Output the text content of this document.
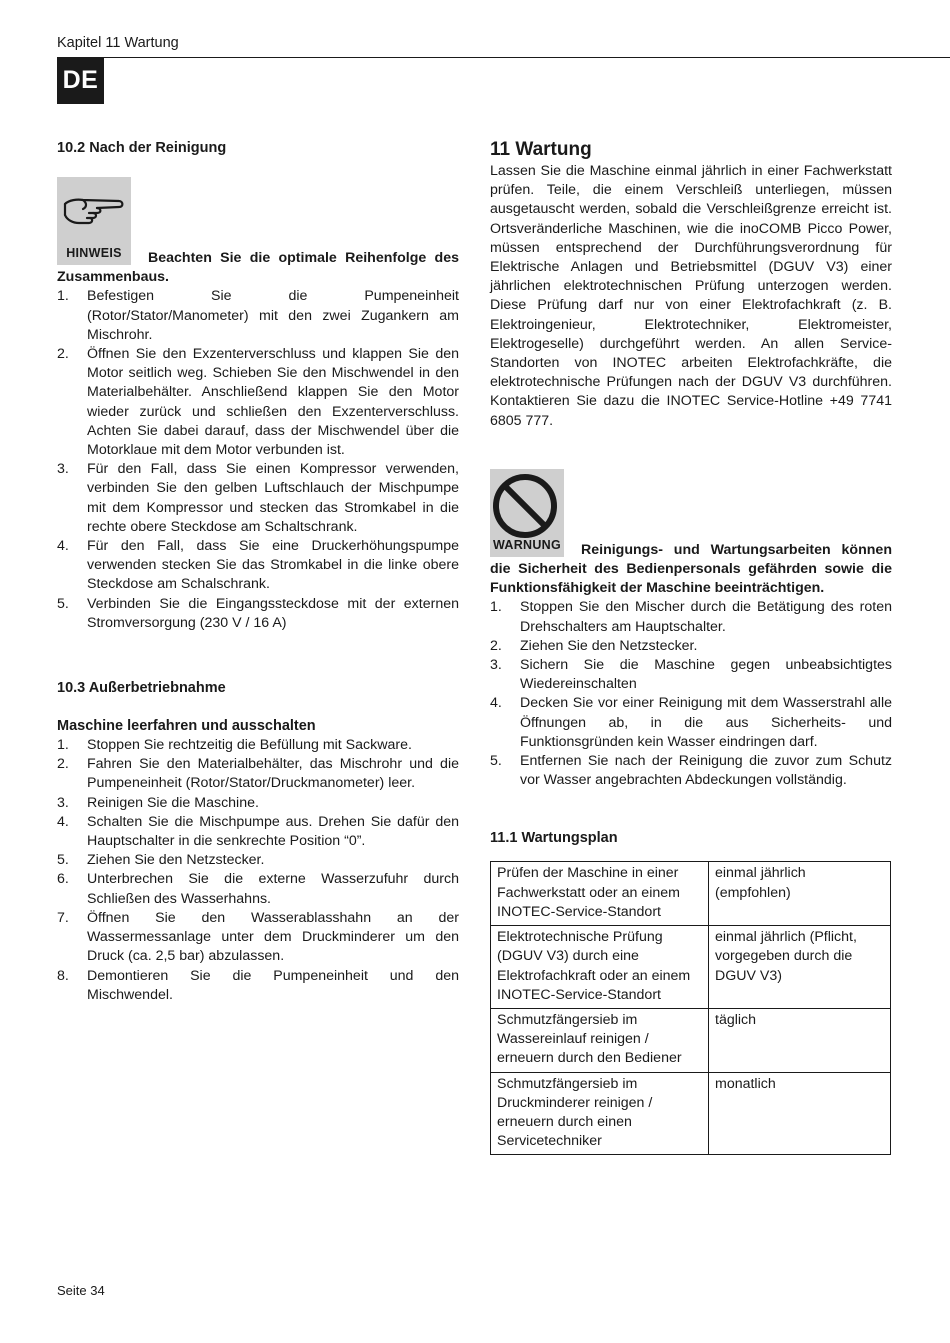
Kapitel 11 Wartung
DE
10.2 Nach der Reinigung
HINWEIS	Beachten Sie die optimale Reihenfolge des Zusammenbaus.

1. Befestigen Sie die Pumpeneinheit (Rotor/Stator/Manometer) mit den zwei Zugankern am Mischrohr.
2. Öffnen Sie den Exzenterverschluss und klappen Sie den Motor seitlich weg. Schieben Sie den Mischwendel in den Materialbehälter. Anschließend klappen Sie den Motor wieder zurück und schließen den Exzenterverschluss. Achten Sie dabei darauf, dass der Mischwendel über die Motorklaue mit dem Motor verbunden ist.
3. Für den Fall, dass Sie einen Kompressor verwenden, verbinden Sie den gelben Luftschlauch der Mischpumpe mit dem Kompressor und stecken das Stromkabel in die rechte obere Steckdose am Schaltschrank.
4. Für den Fall, dass Sie eine Druckerhöhungspumpe verwenden stecken Sie das Stromkabel in die linke obere Steckdose am Schalschrank.
5. Verbinden Sie die Eingangssteckdose mit der externen Stromversorgung (230 V / 16 A)
10.3 Außerbetriebnahme
Maschine leerfahren und ausschalten
1. Stoppen Sie rechtzeitig die Befüllung mit Sackware.
2. Fahren Sie den Materialbehälter, das Mischrohr und die Pumpeneinheit (Rotor/Stator/Druckmanometer) leer.
3. Reinigen Sie die Maschine.
4. Schalten Sie die Mischpumpe aus. Drehen Sie dafür den Hauptschalter in die senkrechte Position “0”.
5. Ziehen Sie den Netzstecker.
6. Unterbrechen Sie die externe Wasserzufuhr durch Schließen des Wasserhahns.
7. Öffnen Sie den Wasserablasshahn an der Wassermessanlage unter dem Druckminderer um den Druck (ca. 2,5 bar) abzulassen.
8. Demontieren Sie die Pumpeneinheit und den Mischwendel.
11 Wartung

Lassen Sie die Maschine einmal jährlich in einer Fachwerkstatt prüfen. Teile, die einem Verschleiß unterliegen, müssen ausgetauscht werden, sobald die Verschleißgrenze erreicht ist. Ortsveränderliche Maschinen, wie die inoCOMB Picco Power, müssen entsprechend der Durchführungsverordnung für Elektrische Anlagen und Betriebsmittel (DGUV V3) einer jährlichen elektrotechnischen Prüfung unterzogen werden. Diese Prüfung darf nur von einer Elektrofachkraft (z. B. Elektroingenieur, Elektrotechniker, Elektromeister, Elektrogeselle) durchgeführt werden. An allen Service-Standorten von INOTEC arbeiten Elektrofachkräfte, die elektrotechnische Prüfungen nach der DGUV V3 durchführen. Kontaktieren Sie dazu die INOTEC Service-Hotline +49 7741 6805 777.

WARNUNG	Reinigungs- und Wartungsarbeiten können die Sicherheit des Bedienpersonals gefährden sowie die Funktionsfähigkeit der Maschine beeinträchtigen.

1. Stoppen Sie den Mischer durch die Betätigung des roten Drehschalters am Hauptschalter.
2. Ziehen Sie den Netzstecker.
3. Sichern Sie die Maschine gegen unbeabsichtigtes Wiedereinschalten
4. Decken Sie vor einer Reinigung mit dem Wasserstrahl alle Öffnungen ab, in die aus Sicherheits- und Funktionsgründen kein Wasser eindringen darf.
5. Entfernen Sie nach der Reinigung die zuvor zum Schutz vor Wasser angebrachten Abdeckungen vollständig.
11.1 Wartungsplan
Prüfen der Maschine in einer Fachwerkstatt oder an einem INOTEC-Service-Standort	einmal jährlich (empfohlen)
Elektrotechnische Prüfung (DGUV V3) durch eine Elektrofachkraft oder an einem INOTEC-Service-Standort	einmal jährlich (Pflicht, vorgegeben durch die DGUV V3)
Schmutzfängersieb im Wassereinlauf reinigen / erneuern durch den Bediener	täglich
Schmutzfängersieb im Druckminderer reinigen / erneuern durch einen Servicetechniker	monatlich
Seite 34
